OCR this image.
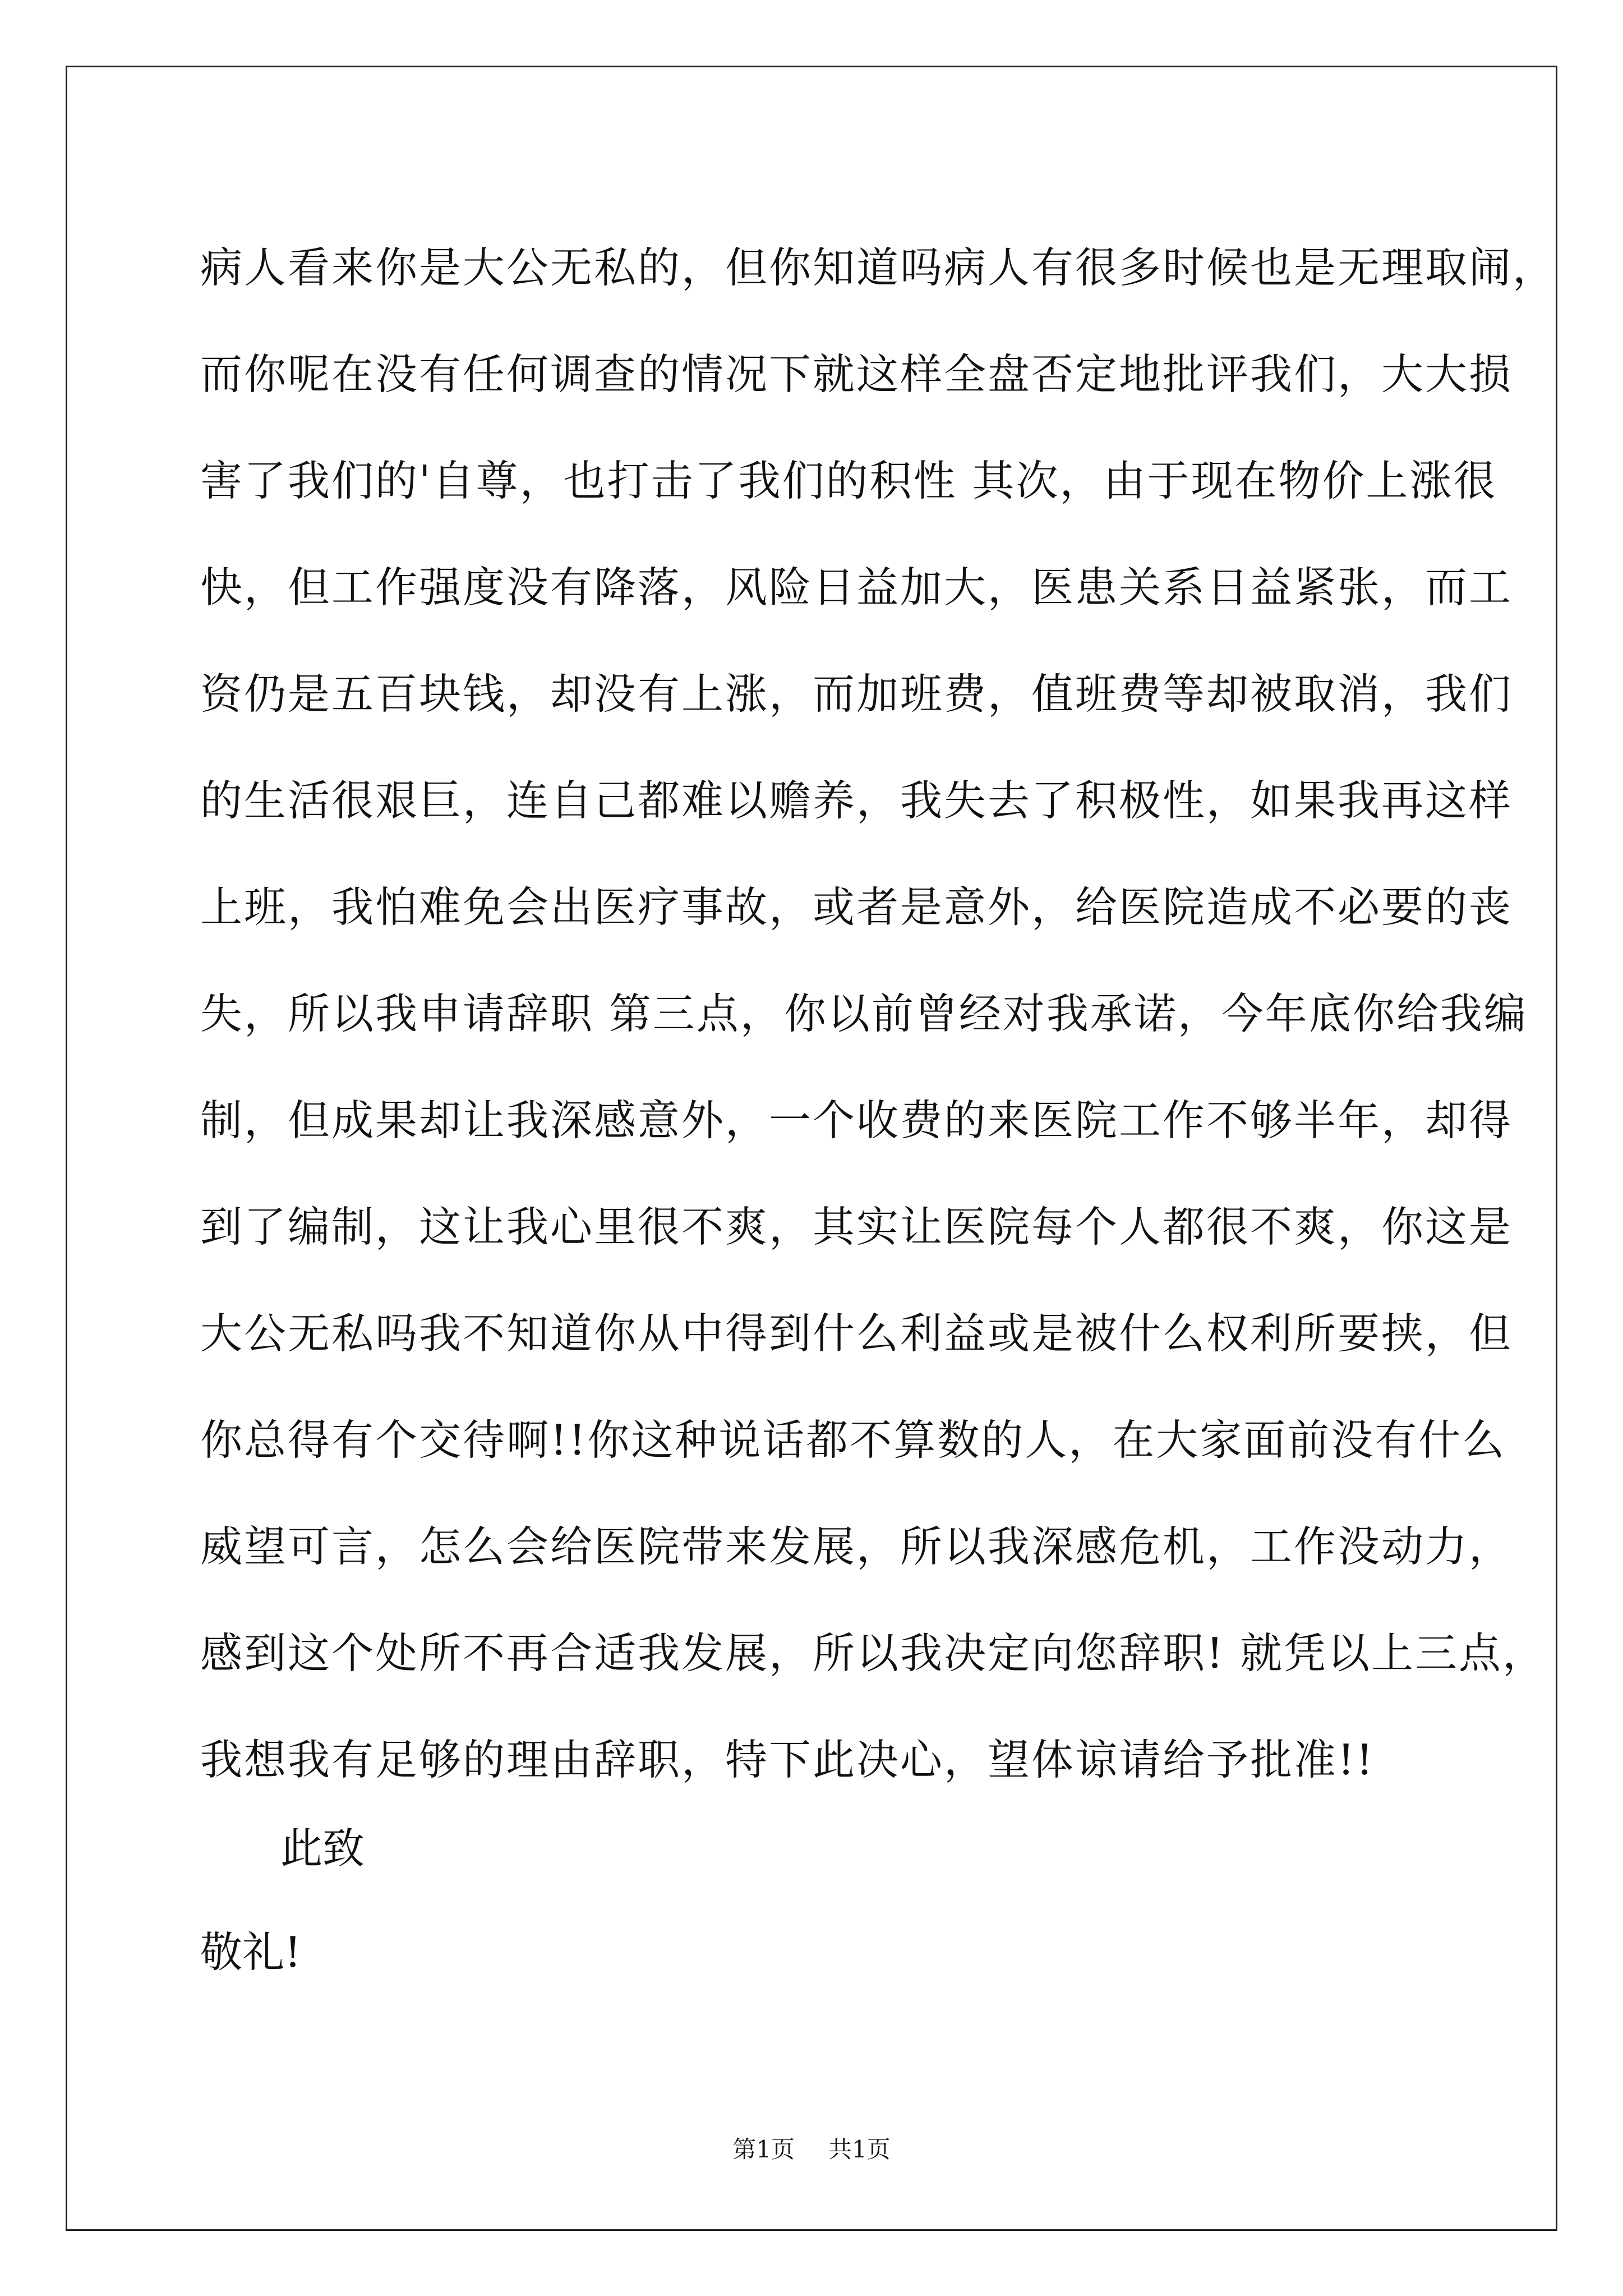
病人看来你是大公无私的，但你知道吗病人有很多时候也是无理取闹，
而你呢在没有任何调查的情况下就这样全盘否定地批评我们，大大损
害了我们的'自尊，也打击了我们的积性 其次，由于现在物价上涨很
快，但工作强度没有降落，风险日益加大，医患关系日益紧张，而工
资仍是五百块钱，却没有上涨，而加班费，值班费等却被取消，我们
的生活很艰巨，连自己都难以赡养，我失去了积极性，如果我再这样
上班，我怕难免会出医疗事故，或者是意外，给医院造成不必要的丧
失，所以我申请辞职 第三点，你以前曾经对我承诺，今年底你给我编
制，但成果却让我深感意外，一个收费的来医院工作不够半年，却得
到了编制，这让我心里很不爽，其实让医院每个人都很不爽，你这是
大公无私吗我不知道你从中得到什么利益或是被什么权利所要挟，但
你总得有个交待啊!!你这种说话都不算数的人，在大家面前没有什么
威望可言，怎么会给医院带来发展，所以我深感危机，工作没动力，
感到这个处所不再合适我发展，所以我决定向您辞职! 就凭以上三点，
我想我有足够的理由辞职，特下此决心，望体谅请给予批准!!
此致
敬礼!
第1页 共1页
